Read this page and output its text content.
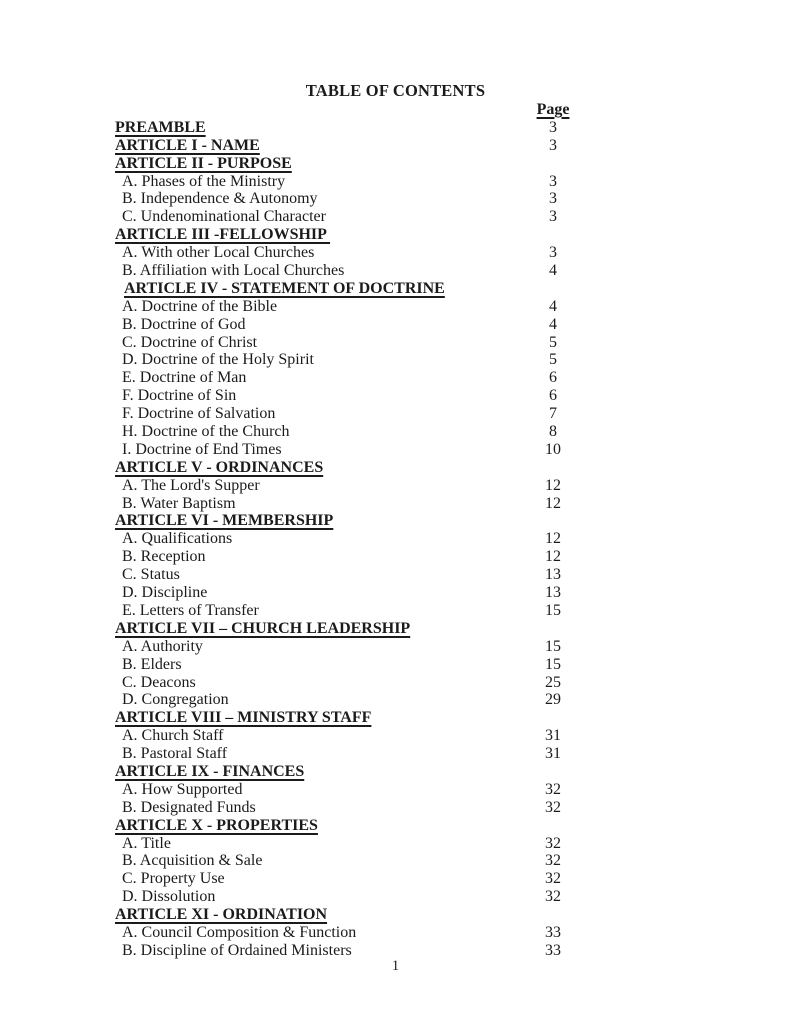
TABLE OF CONTENTS
Page
PREAMBLE	3
ARTICLE I - NAME	3
ARTICLE II - PURPOSE
A. Phases of the Ministry	3
B. Independence & Autonomy	3
C. Undenominational Character	3
ARTICLE III -FELLOWSHIP
A. With other Local Churches	3
B. Affiliation with Local Churches	4
ARTICLE IV - STATEMENT OF DOCTRINE
A. Doctrine of the Bible	4
B. Doctrine of God	4
C. Doctrine of Christ	5
D. Doctrine of the Holy Spirit	5
E. Doctrine of Man	6
F. Doctrine of Sin	6
F. Doctrine of Salvation	7
H. Doctrine of the Church	8
I. Doctrine of End Times	10
ARTICLE V - ORDINANCES
A. The Lord's Supper	12
B. Water Baptism	12
ARTICLE VI - MEMBERSHIP
A. Qualifications	12
B. Reception	12
C. Status	13
D. Discipline	13
E. Letters of Transfer	15
ARTICLE VII – CHURCH LEADERSHIP
A. Authority	15
B. Elders	15
C. Deacons	25
D. Congregation	29
ARTICLE VIII – MINISTRY STAFF
A. Church Staff	31
B. Pastoral Staff	31
ARTICLE IX - FINANCES
A. How Supported	32
B. Designated Funds	32
ARTICLE X - PROPERTIES
A. Title	32
B. Acquisition & Sale	32
C. Property Use	32
D. Dissolution	32
ARTICLE XI - ORDINATION
A. Council Composition & Function	33
B. Discipline of Ordained Ministers	33
1
